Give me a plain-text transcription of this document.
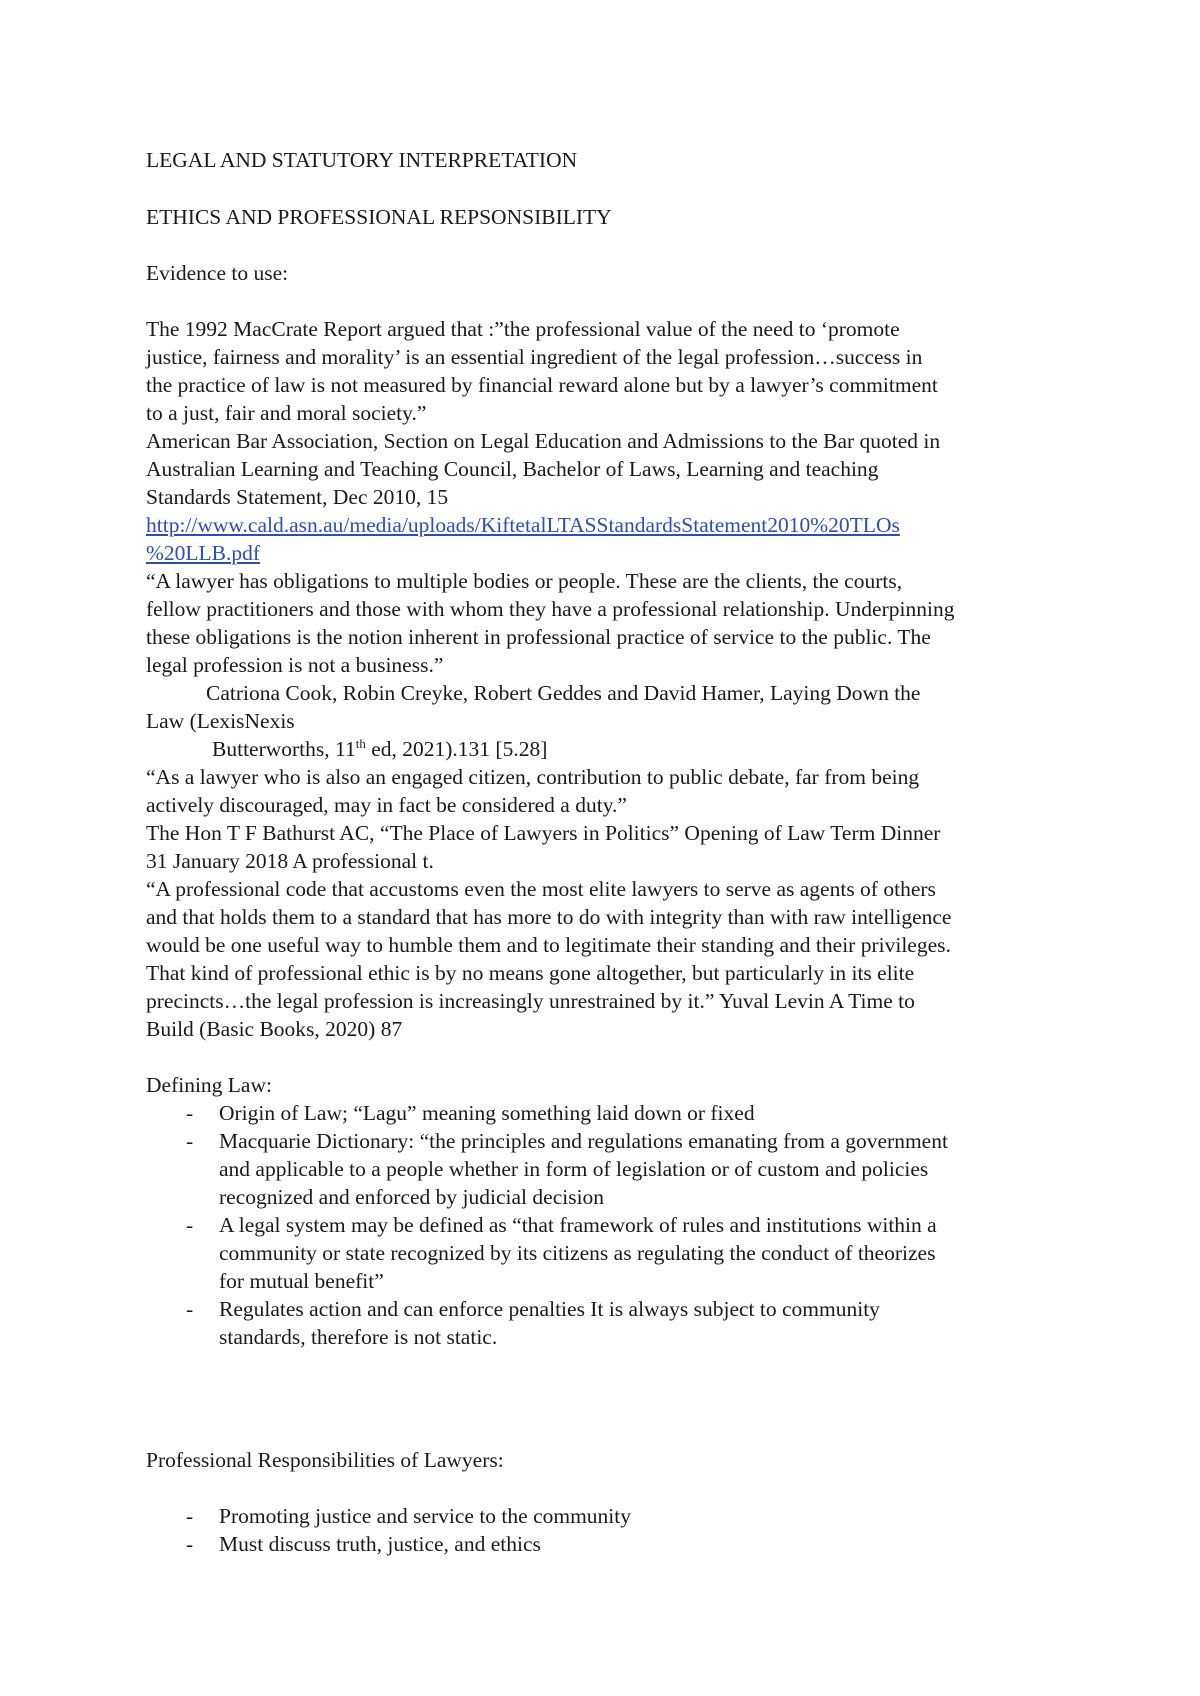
LEGAL AND STATUTORY INTERPRETATION
ETHICS AND PROFESSIONAL REPSONSIBILITY
Evidence to use:
The 1992 MacCrate Report argued that :”the professional value of the need to ‘promote
justice, fairness and morality’ is an essential ingredient of the legal profession…success in
the practice of law is not measured by financial reward alone but by a lawyer’s commitment
to a just, fair and moral society.”
American Bar Association, Section on Legal Education and Admissions to the Bar quoted in
Australian Learning and Teaching Council, Bachelor of Laws, Learning and teaching
Standards Statement, Dec 2010, 15
http://www.cald.asn.au/media/uploads/KiftetalLTASStandardsStatement2010%20TLOs
%20LLB.pdf
“A lawyer has obligations to multiple bodies or people. These are the clients, the courts,
fellow practitioners and those with whom they have a professional relationship. Underpinning
these obligations is the notion inherent in professional practice of service to the public. The
legal profession is not a business.”
Catriona Cook, Robin Creyke, Robert Geddes and David Hamer, Laying Down the
Law (LexisNexis
Butterworths, 11th ed, 2021).131 [5.28]
“As a lawyer who is also an engaged citizen, contribution to public debate, far from being
actively discouraged, may in fact be considered a duty.”
The Hon T F Bathurst AC, “The Place of Lawyers in Politics” Opening of Law Term Dinner
31 January 2018 A professional t.
“A professional code that accustoms even the most elite lawyers to serve as agents of others
and that holds them to a standard that has more to do with integrity than with raw intelligence
would be one useful way to humble them and to legitimate their standing and their privileges.
That kind of professional ethic is by no means gone altogether, but particularly in its elite
precincts…the legal profession is increasingly unrestrained by it.” Yuval Levin A Time to
Build (Basic Books, 2020) 87
Defining Law:
- Origin of Law; “Lagu” meaning something laid down or fixed
- Macquarie Dictionary: “the principles and regulations emanating from a government
and applicable to a people whether in form of legislation or of custom and policies
recognized and enforced by judicial decision
- A legal system may be defined as “that framework of rules and institutions within a
community or state recognized by its citizens as regulating the conduct of theorizes
for mutual benefit”
- Regulates action and can enforce penalties It is always subject to community
standards, therefore is not static.
Professional Responsibilities of Lawyers:
- Promoting justice and service to the community
- Must discuss truth, justice, and ethics
